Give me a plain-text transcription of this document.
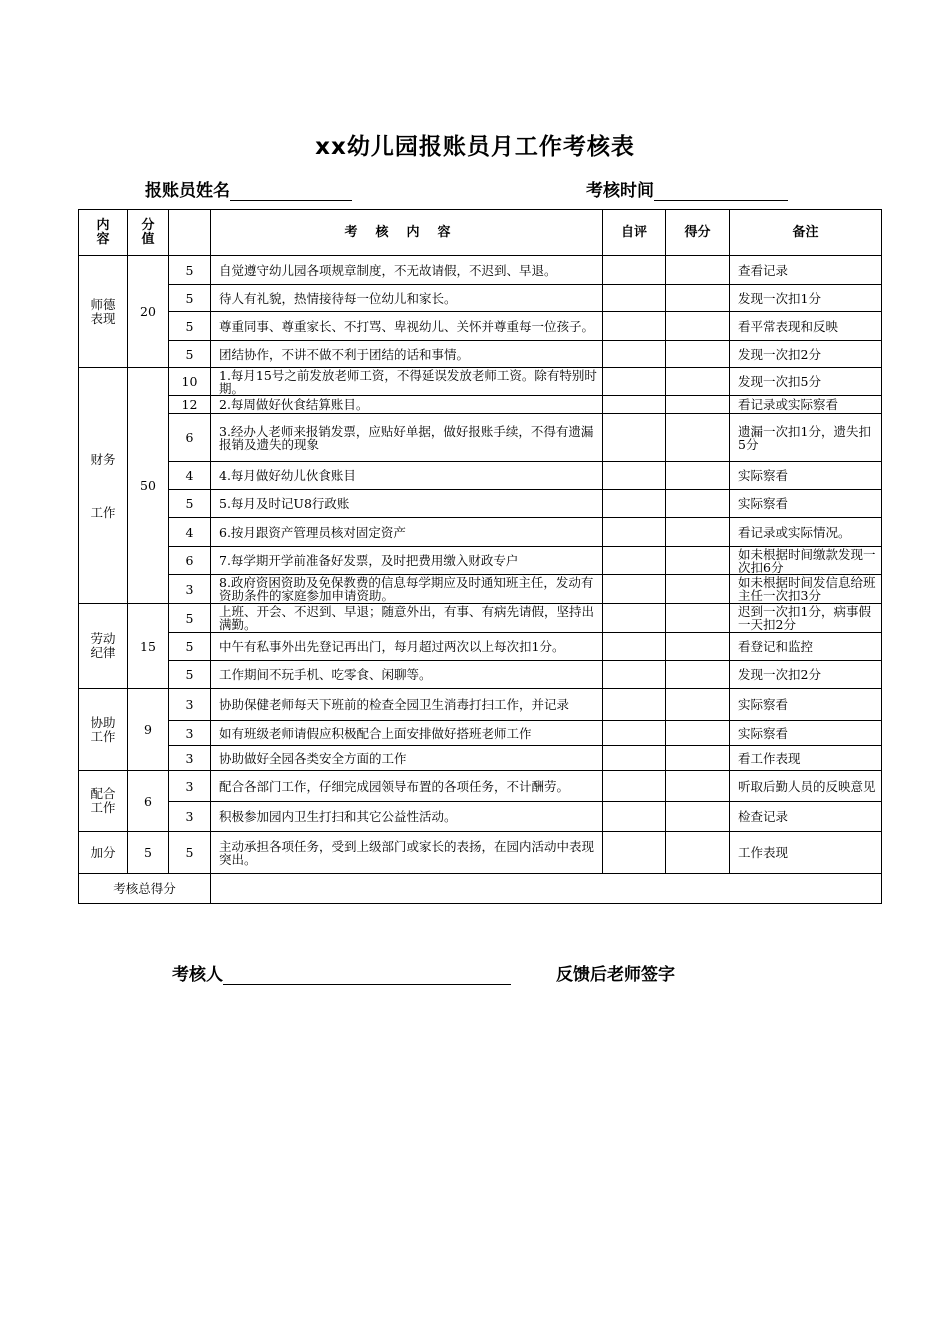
xx幼儿园报账员月工作考核表
报账员姓名	考核时间
内容	分值		考核内容	自评	得分	备注
师德表现	20	5	自觉遵守幼儿园各项规章制度，不无故请假，不迟到、早退。			查看记录
		5	待人有礼貌，热情接待每一位幼儿和家长。			发现一次扣1分
		5	尊重同事、尊重家长、不打骂、卑视幼儿、关怀并尊重每一位孩子。			看平常表现和反映
		5	团结协作，不讲不做不利于团结的话和事情。			发现一次扣2分

财务
工作	50	10	1.每月15号之前发放老师工资，不得延误发放老师工资。除有特别时期。			发现一次扣5分
		12	2.每周做好伙食结算账目。			看记录或实际察看
		6	3.经办人老师来报销发票，应贴好单据，做好报账手续，不得有遗漏报销及遗失的现象			遗漏一次扣1分，遗失扣5分
		4	4.每月做好幼儿伙食账目			实际察看
		5	5.每月及时记U8行政账			实际察看
		4	6.按月跟资产管理员核对固定资产			看记录或实际情况。
		6	7.每学期开学前准备好发票，及时把费用缴入财政专户			如未根据时间缴款发现一次扣6分
		3	8.政府资困资助及免保教费的信息每学期应及时通知班主任，发动有资助条件的家庭参加申请资助。			如未根据时间发信息给班主任一次扣3分
劳动纪律	15	5	上班、开会、不迟到、早退；随意外出，有事、有病先请假，坚持出满勤。			迟到一次扣1分，病事假一天扣2分
		5	中午有私事外出先登记再出门，每月超过两次以上每次扣1分。			看登记和监控
		5	工作期间不玩手机、吃零食、闲聊等。			发现一次扣2分
协助工作	9	3	协助保健老师每天下班前的检查全园卫生消毒打扫工作，并记录			实际察看
		3	如有班级老师请假应积极配合上面安排做好搭班老师工作			实际察看
		3	协助做好全园各类安全方面的工作			看工作表现
配合工作	6	3	配合各部门工作，仔细完成园领导布置的各项任务，不计酬劳。			听取后勤人员的反映意见
		3	积极参加园内卫生打扫和其它公益性活动。			检查记录
加分	5	5	主动承担各项任务，受到上级部门或家长的表扬，在园内活动中表现突出。			工作表现
考核总得分						
考核人	反馈后老师签字
